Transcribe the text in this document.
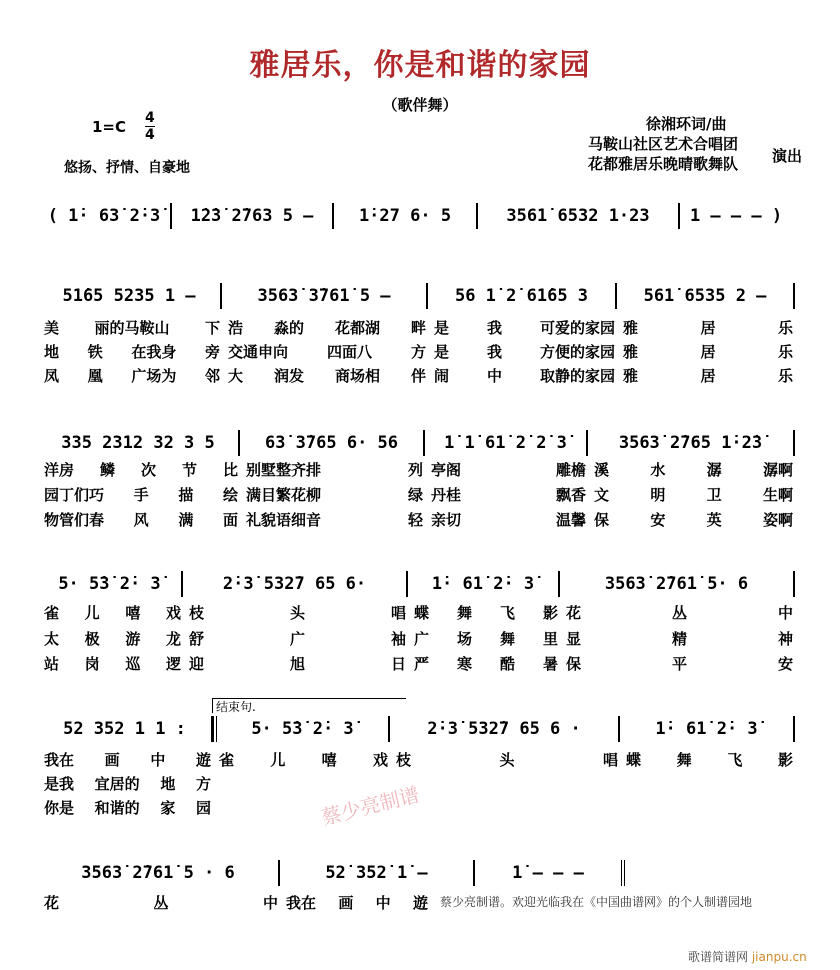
雅居乐，你是和谐的家园
（歌伴舞）
1=C 4
4
悠扬、抒情、自豪地
徐湘环词/曲
马鞍山社区艺术合唱团
花都雅居乐晚晴歌舞队 演出
结束句.
( 1̇· 63̇ 2̇·3̇	1̇2̇3̇ 2̇763 5 –	1̇·27 6· 5	3561̇ 6532 1·23	1 – – – )
51̇65 5235 1 –	3563̇ 3̇761̇ 5 –	56 1̇ 2̇ 61̇65 3	561̇ 6535 2 –
美 丽的马鞍山 下 浩 淼的 花都湖 畔 是	我	可爱的家园 雅	居	乐
地 铁 在我身 旁 交通申向	四面八	方 是	我	方便的家园 雅	居	乐
凤 凰 广场为 邻 大 润发 商场相 伴 闹	中	取静的家园 雅	居	乐
335 2312 32 3 5	63̇ 3̇765 6· 56	1̇ 1̇ 61̇ 2̇ 2̇ 3̇	3563̇ 2̇765 1̇·2̇3̇
洋房 鳞 次 节 比 别墅整齐排	列 亭阁	雕檐 溪	水	潺	潺啊
园丁们巧 手 描 绘 满目繁花柳	绿 丹桂	飘香 文	明	卫	生啊
物管们春 风 满 面 礼貌语细音	轻 亲切	温馨 保	安	英	姿啊
5· 5̇3̇ 2̇· 3̇	2̇·3̇ 532̇7 65 6·	1̇· 61̇ 2̇· 3̇	3563̇ 2̇761̇ 5· 6
雀 儿 嘻 戏 枝	头	唱 蝶 舞 飞 影 花	丛	中
太 极 游 龙 舒	广	袖 广 场 舞 里 显	精	神
站 岗 巡 逻 迎	旭	日 严 寒 酷 暑 保	平	安
52 352 1 1 :	5· 5̇3̇ 2̇· 3̇	2̇·3̇ 532̇7 65 6 ·	1̇· 61̇ 2̇· 3̇
我在 画 中 遊 雀 儿 嘻 戏 枝	头	唱 蝶 舞 飞 影
是我 宜居的 地 方
你是 和谐的 家 园
3563̇ 2̇761̇ 5 · 6	52̇ 352̇ 1̇ –	1̇ – – –
花	丛	中 我在 画 中 遊
蔡少亮制谱
蔡少亮制谱。欢迎光临我在《中国曲谱网》的个人制谱园地
歌谱简谱网 jianpu.cn
